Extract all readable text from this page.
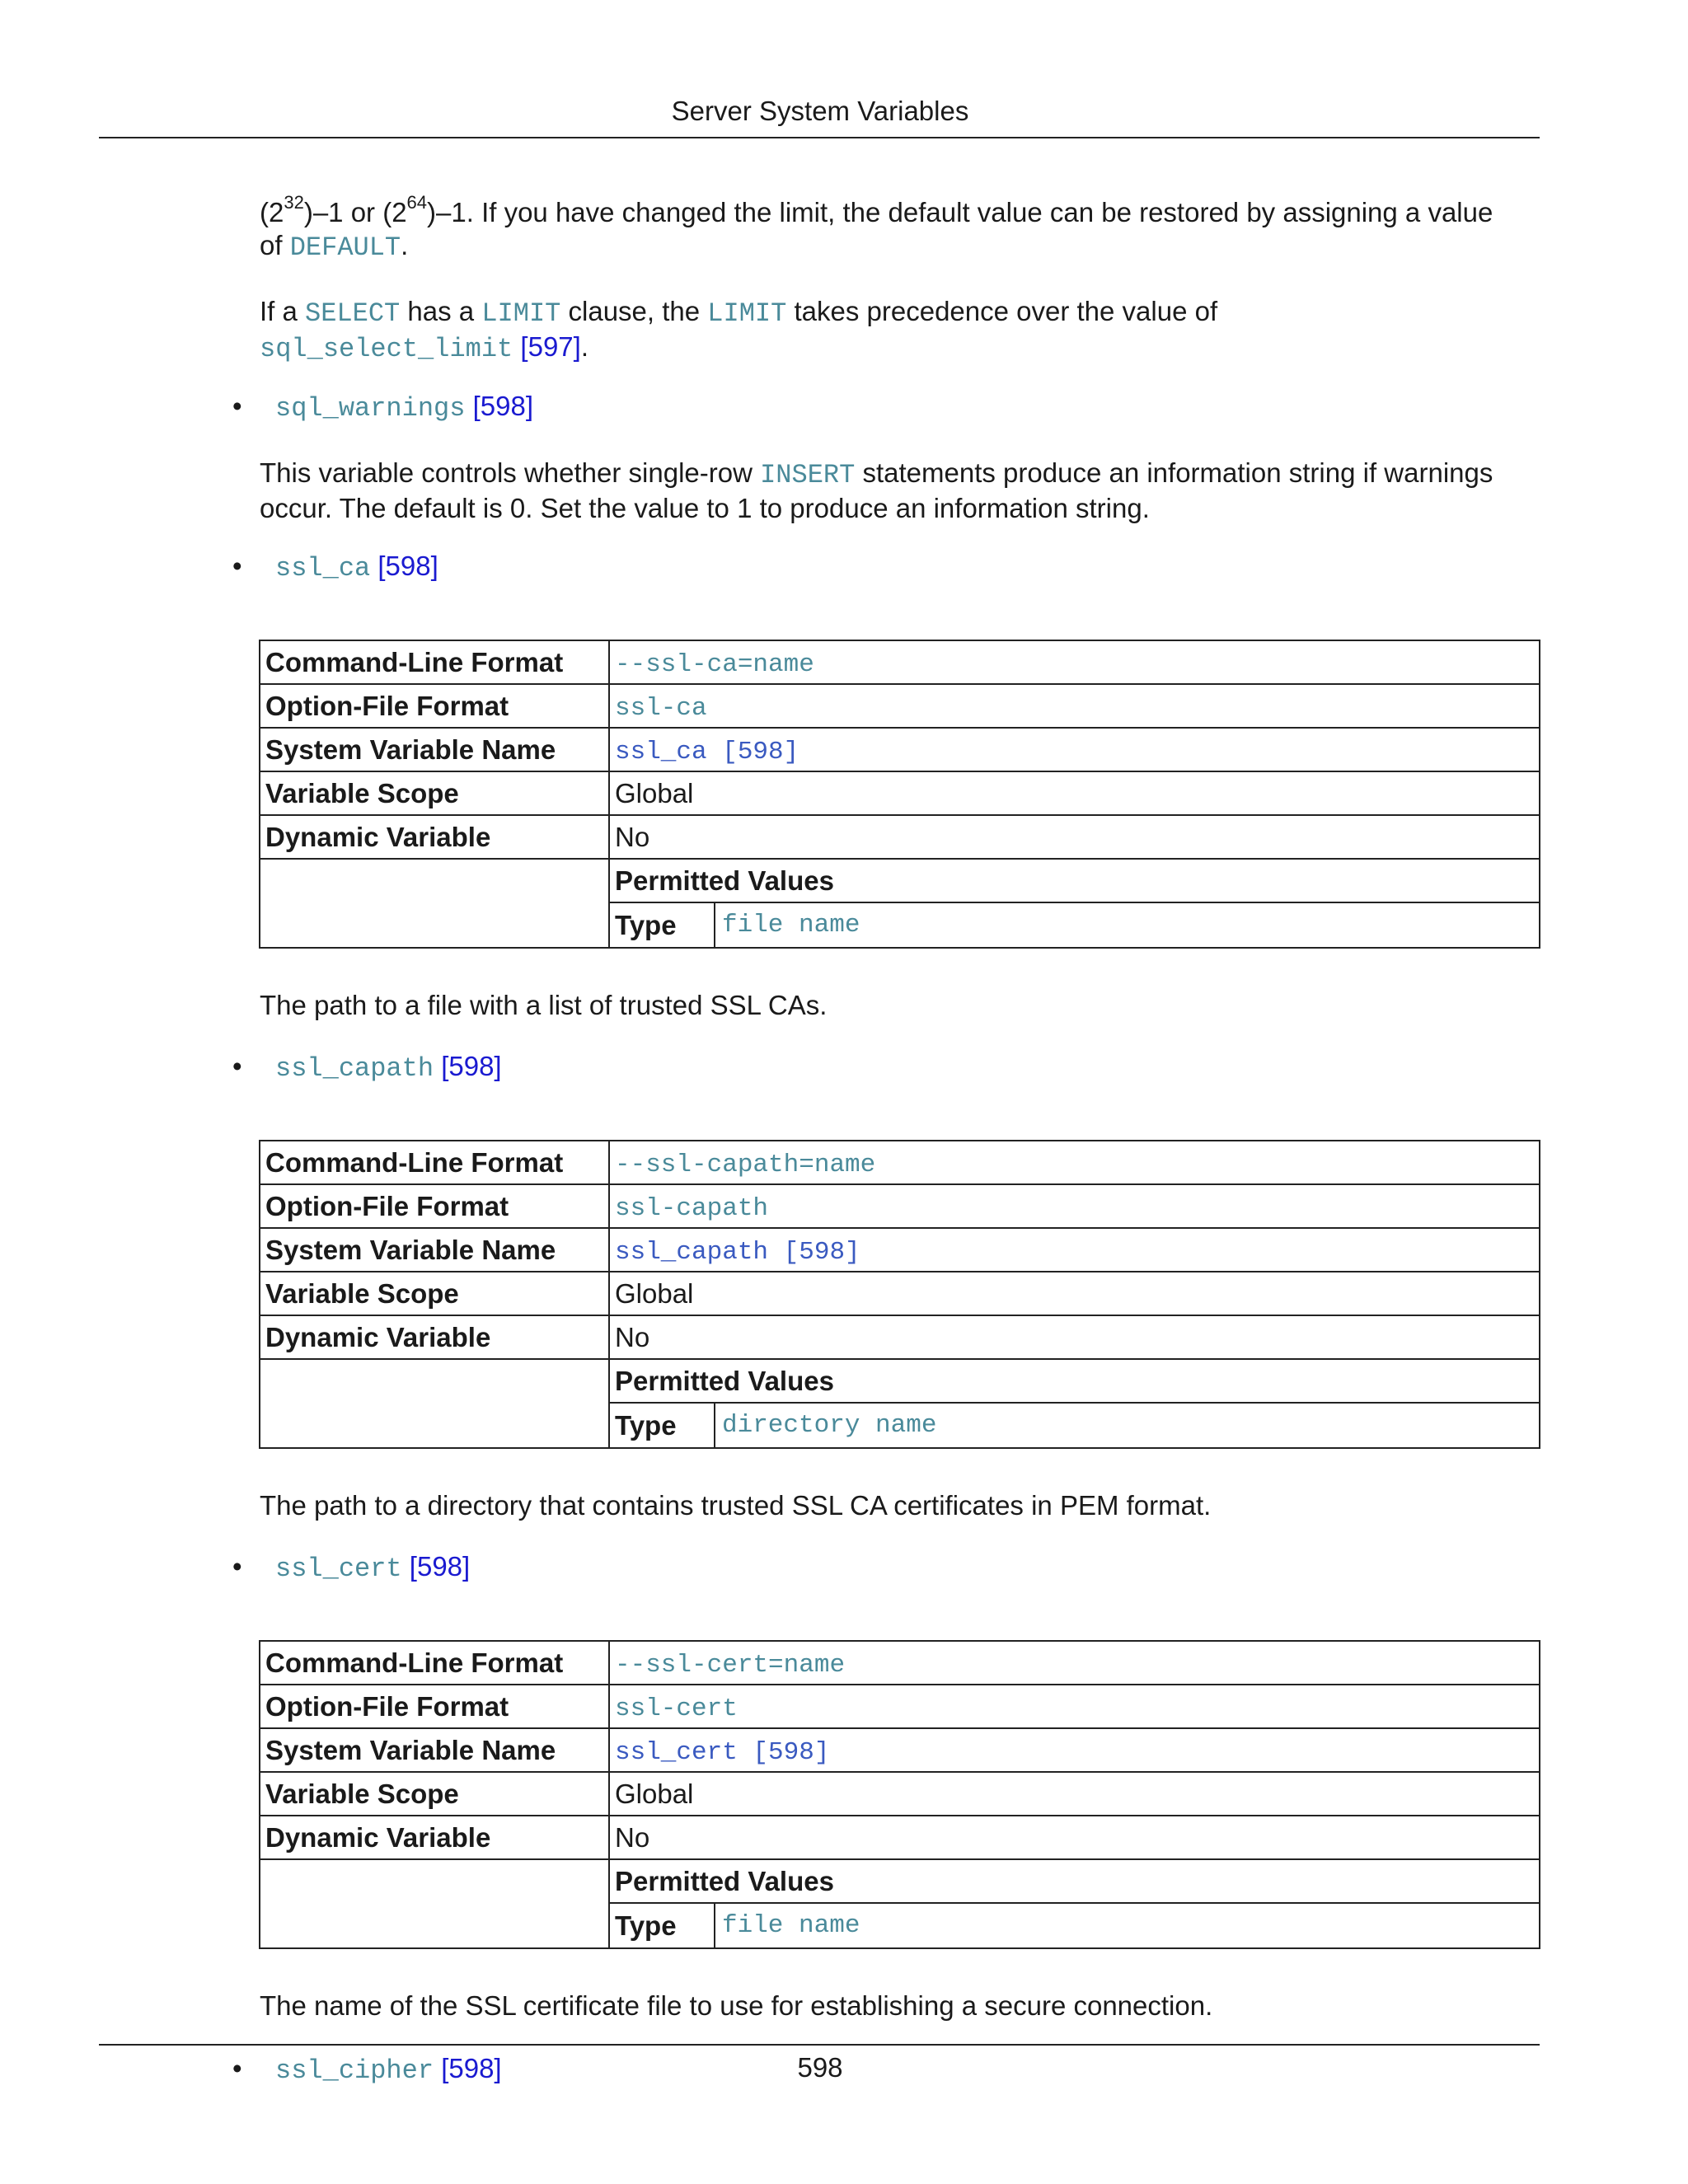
Server System Variables
$(2^{32})-1$ or $(2^{64})-1$. If you have changed the limit, the default value can be restored by assigning a value
of DEFAULT.
If a SELECT has a LIMIT clause, the LIMIT takes precedence over the value of
sql_select_limit [597].
• sql_warnings [598]
This variable controls whether single-row INSERT statements produce an information string if warnings
occur. The default is 0. Set the value to 1 to produce an information string.
• ssl_ca [598]
Command-Line Format	--ssl-ca=name
Option-File Format	ssl-ca
System Variable Name	ssl_ca [598]
Variable Scope	Global
Dynamic Variable	No

Permitted Values
Type file name
The path to a file with a list of trusted SSL CAs.
• ssl_capath [598]
Command-Line Format	--ssl-capath=name
Option-File Format	ssl-capath
System Variable Name	ssl_capath [598]
Variable Scope	Global
Dynamic Variable	No

Permitted Values
Type directory name
The path to a directory that contains trusted SSL CA certificates in PEM format.
• ssl_cert [598]
Command-Line Format	--ssl-cert=name
Option-File Format	ssl-cert
System Variable Name	ssl_cert [598]
Variable Scope	Global
Dynamic Variable	No

Permitted Values
Type file name
The name of the SSL certificate file to use for establishing a secure connection.
• ssl_cipher [598]	598
